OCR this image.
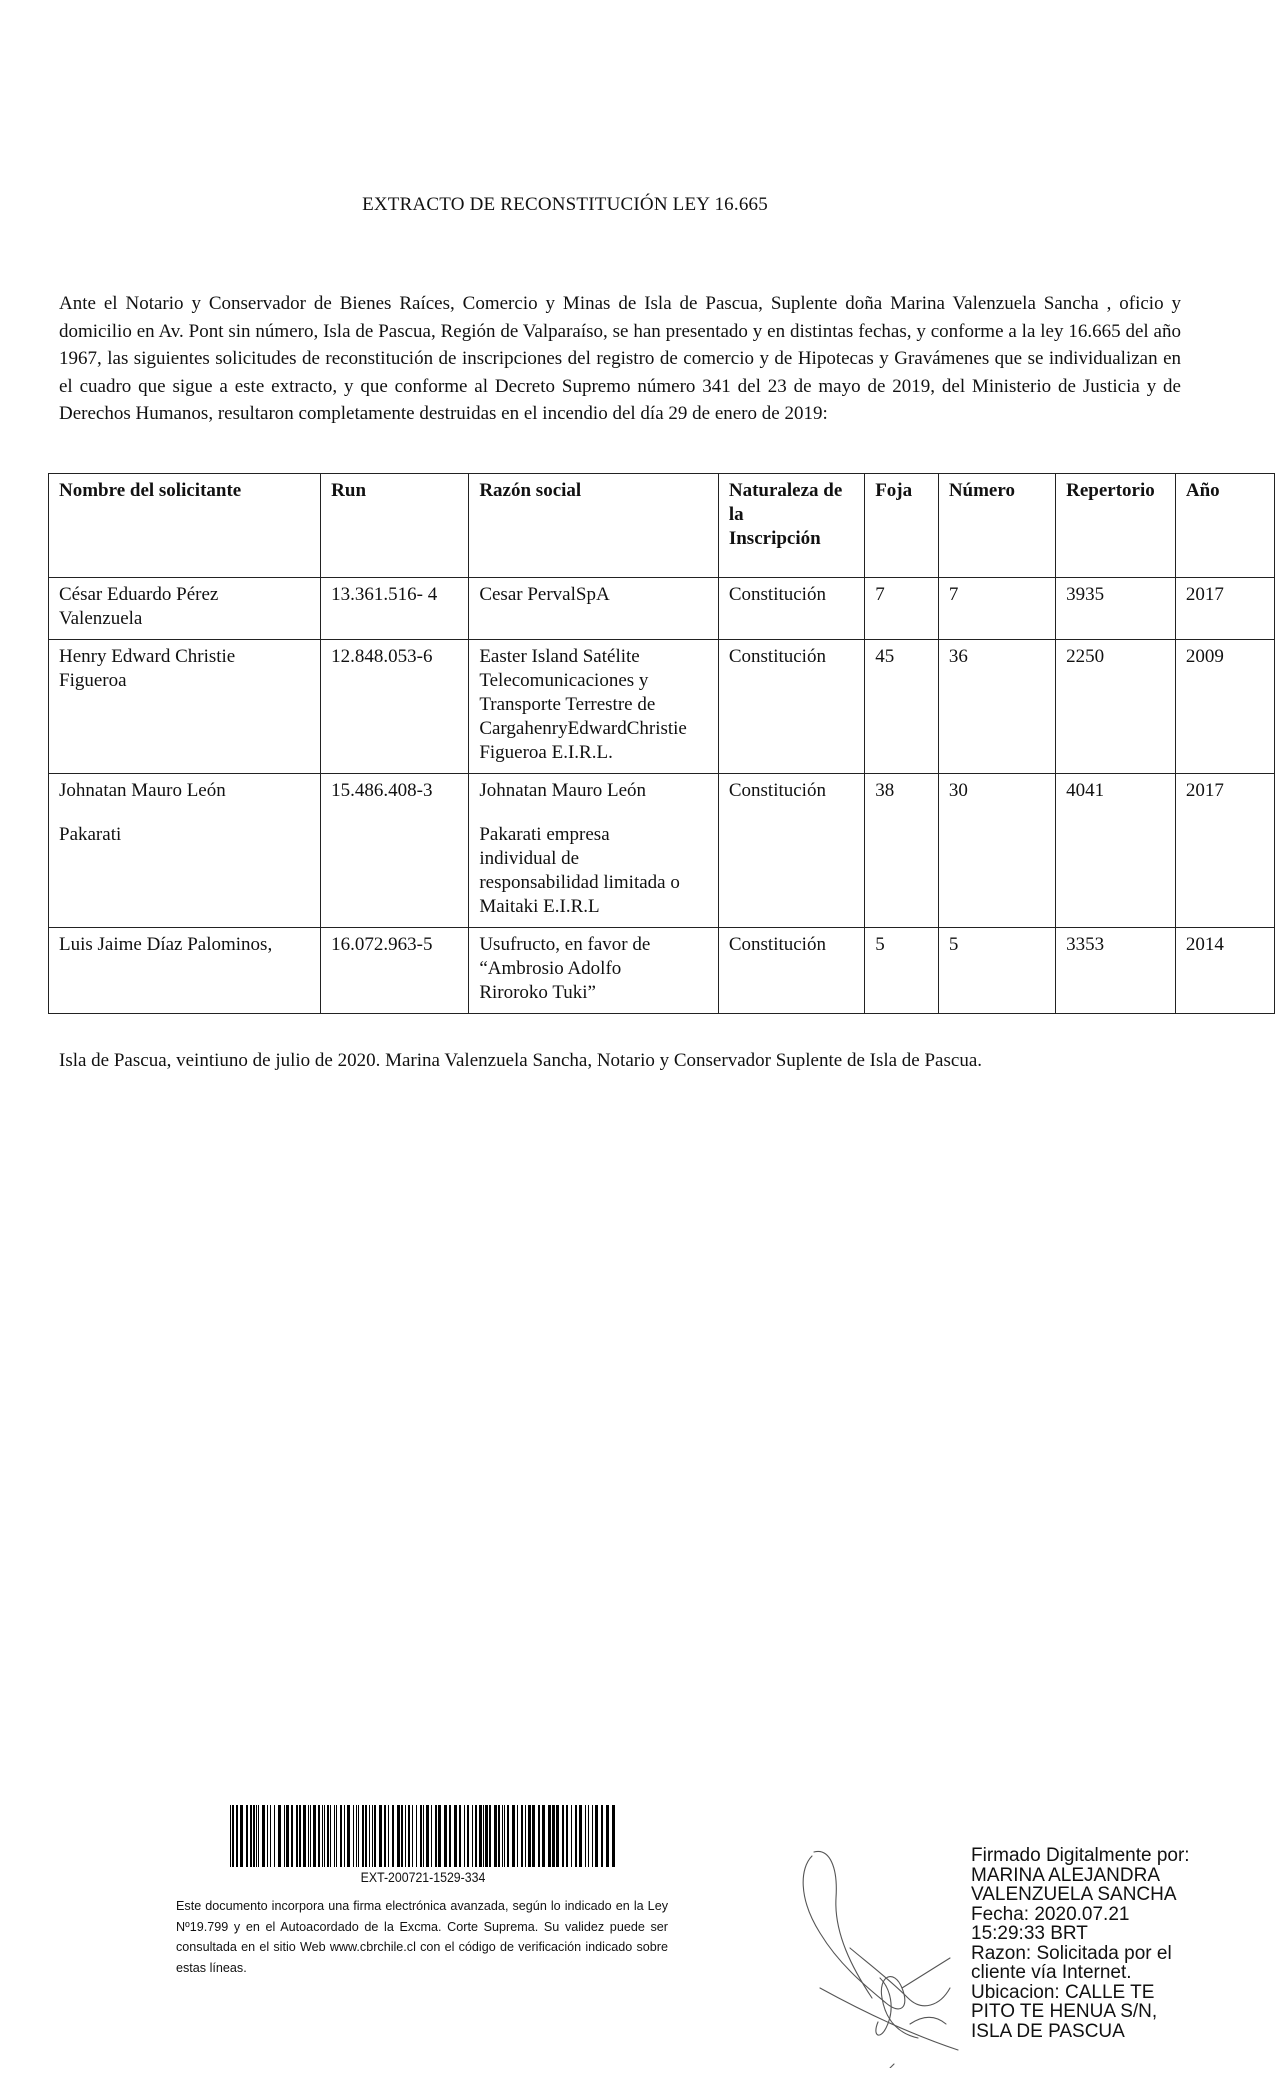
EXTRACTO DE RECONSTITUCIÓN LEY 16.665
Ante el Notario y Conservador de Bienes Raíces, Comercio y Minas de Isla de Pascua, Suplente doña Marina Valenzuela Sancha , oficio y domicilio en Av. Pont sin número, Isla de Pascua, Región de Valparaíso, se han presentado y en distintas fechas, y conforme a la ley 16.665 del año 1967, las siguientes solicitudes de reconstitución de inscripciones del registro de comercio y de Hipotecas y Gravámenes que se individualizan en el cuadro que sigue a este extracto, y que conforme al Decreto Supremo número 341 del 23 de mayo de 2019, del Ministerio de Justicia y de Derechos Humanos, resultaron completamente destruidas en el incendio del día 29 de enero de 2019:
Nombre del solicitante	Run	Razón social	Naturaleza de
la
Inscripción	Foja	Número	Repertorio	Año

César Eduardo Pérez
Valenzuela	13.361.516- 4	Cesar PervalSpA	Constitución	7	7	3935	2017

Henry Edward Christie
Figueroa	12.848.053-6	Easter Island Satélite
Telecomunicaciones y
Transporte Terrestre de
CargahenryEdwardChristie
Figueroa E.I.R.L.	Constitución	45	36	2250	2009

Johnatan Mauro León
Pakarati	15.486.408-3	Johnatan Mauro León
Pakarati empresa
individual de
responsabilidad limitada o
Maitaki E.I.R.L	Constitución	38	30	4041	2017

Luis Jaime Díaz Palominos,	16.072.963-5	Usufructo, en favor de
“Ambrosio Adolfo
Riroroko Tuki”	Constitución	5	5	3353	2014
Isla de Pascua, veintiuno de julio de 2020. Marina Valenzuela Sancha, Notario y Conservador Suplente de Isla de Pascua.
EXT-200721-1529-334
Este documento incorpora una firma electrónica avanzada, según lo indicado en la Ley Nº19.799 y en el Autoacordado de la Excma. Corte Suprema. Su validez puede ser consultada en el sitio Web www.cbrchile.cl con el código de verificación indicado sobre estas líneas.
Firmado Digitalmente por:
MARINA ALEJANDRA
VALENZUELA SANCHA
Fecha: 2020.07.21
15:29:33 BRT
Razon: Solicitada por el
cliente vía Internet.
Ubicacion: CALLE TE
PITO TE HENUA S/N,
ISLA DE PASCUA
